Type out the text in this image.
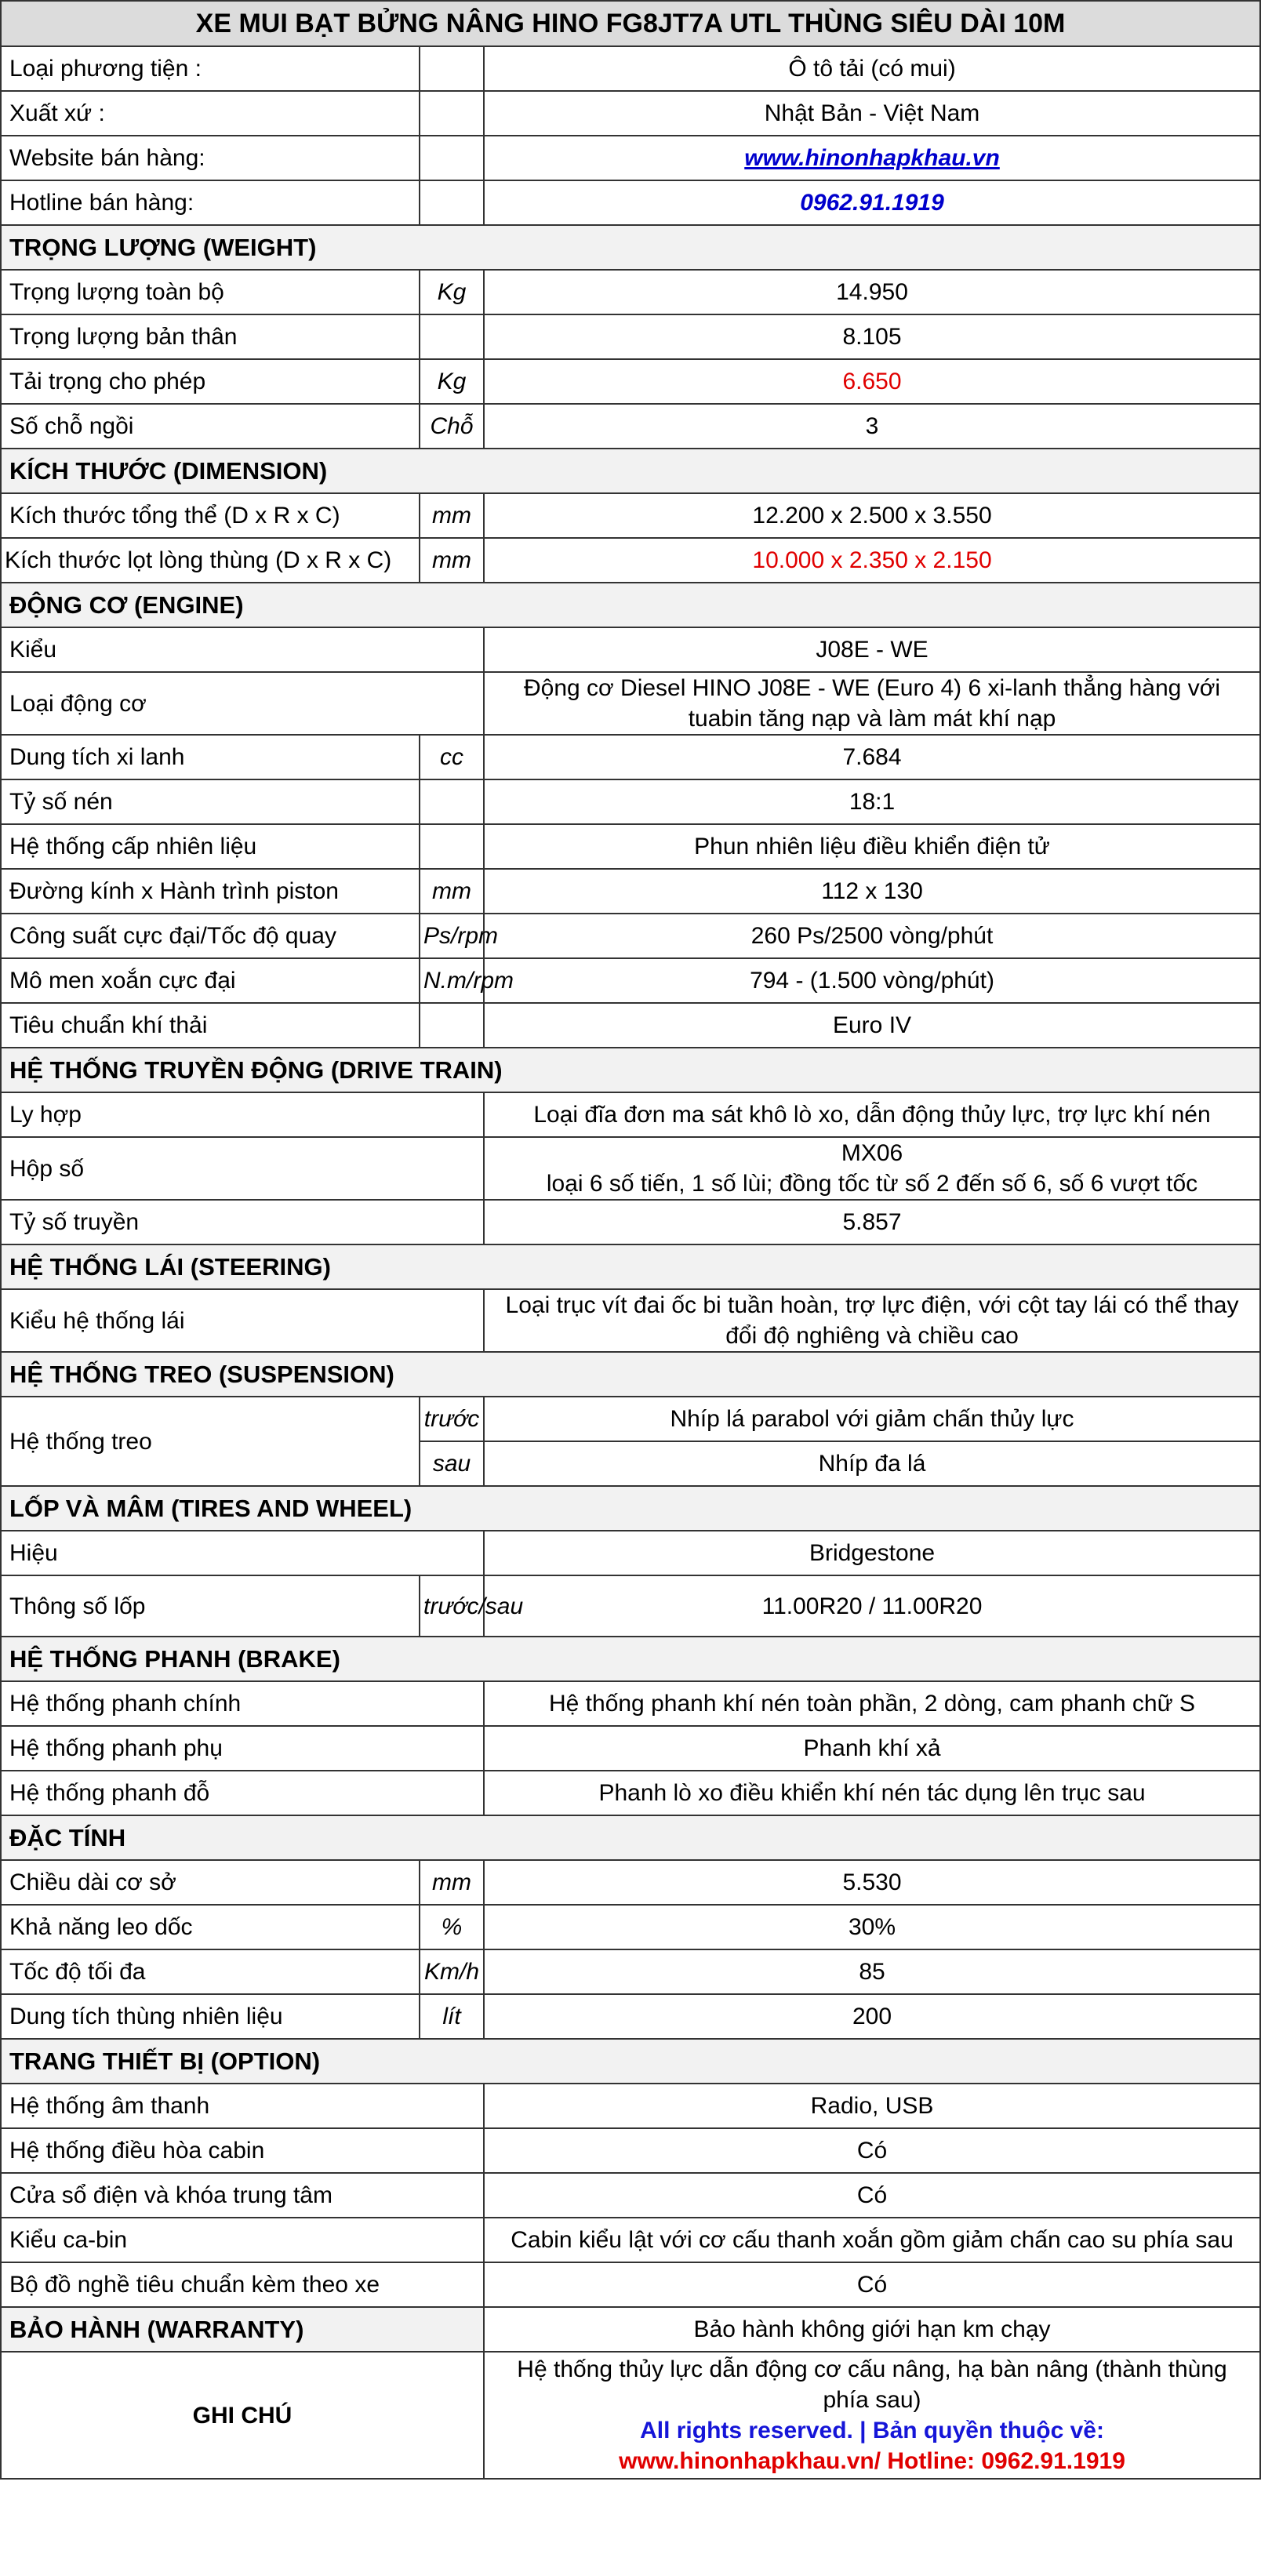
XE MUI BẠT BỬNG NÂNG HINO FG8JT7A UTL THÙNG SIÊU DÀI 10M		
Loại phương tiện :		Ô tô tải (có mui)
Xuất xứ :		Nhật Bản - Việt Nam
Website bán hàng:		www.hinonhapkhau.vn
Hotline bán hàng:		0962.91.1919
TRỌNG LƯỢNG (WEIGHT)		
Trọng lượng toàn bộ	Kg	14.950
Trọng lượng bản thân		8.105
Tải trọng cho phép	Kg	6.650
Số chỗ ngồi	Chỗ	3
KÍCH THƯỚC (DIMENSION)		
Kích thước tổng thể (D x R x C)	mm	12.200 x 2.500 x 3.550
Kích thước lọt lòng thùng (D x R x C)	mm	10.000 x 2.350 x 2.150
ĐỘNG CƠ (ENGINE)		
Kiểu		J08E - WE
Loại động cơ		Động cơ Diesel HINO J08E - WE (Euro 4) 6 xi-lanh thẳng hàng với tuabin tăng nạp và làm mát khí nạp
Dung tích xi lanh	cc	7.684
Tỷ số nén		18:1
Hệ thống cấp nhiên liệu		Phun nhiên liệu điều khiển điện tử
Đường kính x Hành trình piston	mm	112 x 130
Công suất cực đại/Tốc độ quay	Ps/rpm	260 Ps/2500 vòng/phút
Mô men xoắn cực đại	N.m/rpm	794 - (1.500 vòng/phút)
Tiêu chuẩn khí thải		Euro IV
HỆ THỐNG TRUYỀN ĐỘNG (DRIVE TRAIN)		
Ly hợp		Loại đĩa đơn ma sát khô lò xo, dẫn động thủy lực, trợ lực khí nén
Hộp số		MX06
loại 6 số tiến, 1 số lùi; đồng tốc từ số 2 đến số 6, số 6 vượt tốc

Tỷ số truyền		5.857
HỆ THỐNG LÁI (STEERING)		
Kiểu hệ thống lái		Loại trục vít đai ốc bi tuần hoàn, trợ lực điện, với cột tay lái có thể thay đổi độ nghiêng và chiều cao
HỆ THỐNG TREO (SUSPENSION)		
Hệ thống treo	trước	Nhíp lá parabol với giảm chấn thủy lực
	sau	Nhíp đa lá
LỐP VÀ MÂM (TIRES AND WHEEL)		
Hiệu		Bridgestone
Thông số lốp	trước/sau	11.00R20 / 11.00R20
HỆ THỐNG PHANH (BRAKE)		
Hệ thống phanh chính		Hệ thống phanh khí nén toàn phần, 2 dòng, cam phanh chữ S
Hệ thống phanh phụ		Phanh khí xả
Hệ thống phanh đỗ		Phanh lò xo điều khiển khí nén tác dụng lên trục sau
ĐẶC TÍNH		
Chiều dài cơ sở	mm	5.530
Khả năng leo dốc	%	30%
Tốc độ tối đa	Km/h	85
Dung tích thùng nhiên liệu	lít	200
TRANG THIẾT BỊ (OPTION)		
Hệ thống âm thanh		Radio, USB
Hệ thống điều hòa cabin		Có
Cửa sổ điện và khóa trung tâm		Có
Kiểu ca-bin		Cabin kiểu lật với cơ cấu thanh xoắn gồm giảm chấn cao su phía sau
Bộ đồ nghề tiêu chuẩn kèm theo xe		Có
BẢO HÀNH (WARRANTY)		Bảo hành không giới hạn km chạy
GHI CHÚ		Hệ thống thủy lực dẫn động cơ cấu nâng, hạ bàn nâng (thành thùng phía sau)
All rights reserved. | Bản quyền thuộc về:
www.hinonhapkhau.vn/ Hotline: 0962.91.1919
